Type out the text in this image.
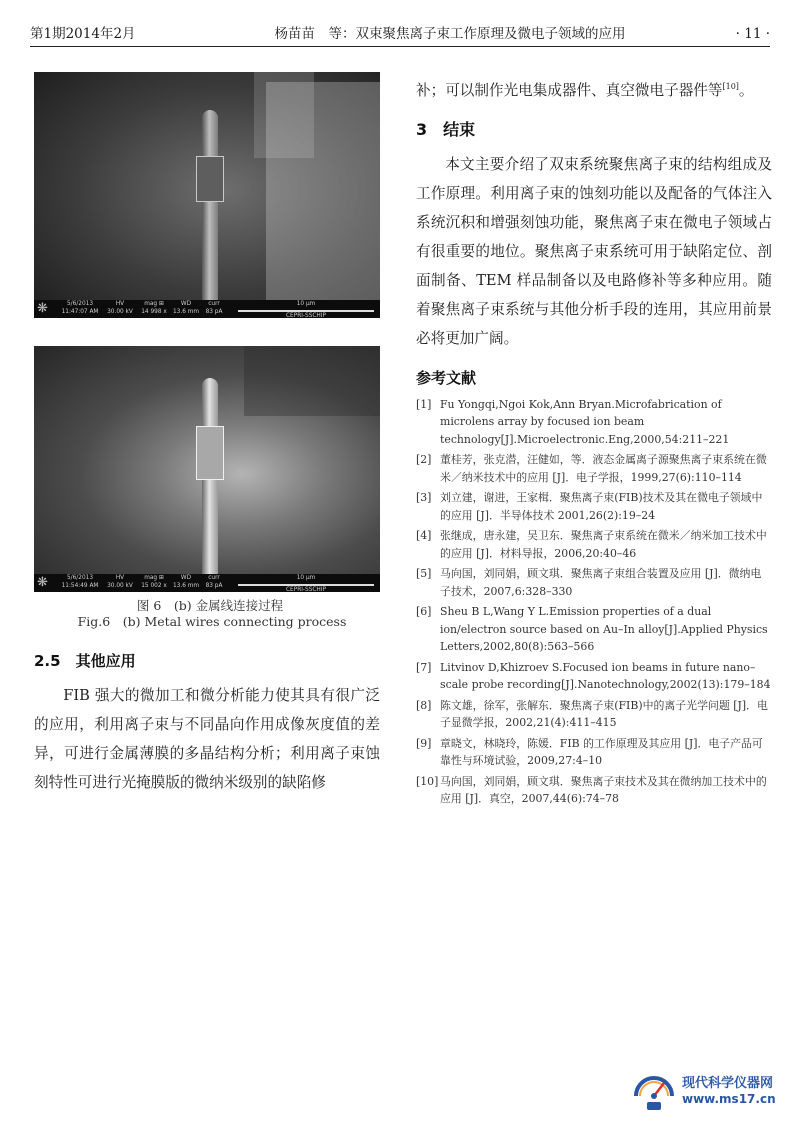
第1期2014年2月	杨苗苗　等：双束聚焦离子束工作原理及微电子领域的应用	· 11 ·
❋	5/6/2013
11:47:07 AM
HV
30.00 kV
mag ⊞
14 998 x
WD
13.6 mm
curr
83 pA
10 μm
CEPRI-SSCHIP
❋	5/6/2013
11:54:49 AM
HV
30.00 kV
mag ⊞
15 002 x
WD
13.6 mm
curr
83 pA
10 μm
CEPRI-SSCHIP
图 6　(b) 金属线连接过程
Fig.6　(b) Metal wires connecting process
2.5　其他应用

FIB 强大的微加工和微分析能力使其具有很广泛的应用，利用离子束与不同晶向作用成像灰度值的差异，可进行金属薄膜的多晶结构分析；利用离子束蚀刻特性可进行光掩膜版的微纳米级别的缺陷修

补；可以制作光电集成器件、真空微电子器件等[10]。

3　结束

本文主要介绍了双束系统聚焦离子束的结构组成及工作原理。利用离子束的蚀刻功能以及配备的气体注入系统沉积和增强刻蚀功能，聚焦离子束在微电子领域占有很重要的地位。聚焦离子束系统可用于缺陷定位、剖面制备、TEM 样品制备以及电路修补等多种应用。随着聚焦离子束系统与其他分析手段的连用，其应用前景必将更加广阔。

参考文献
[1] Fu Yongqi,Ngoi Kok,Ann Bryan.Microfabrication of microlens array by focused ion beam technology[J].Microelectronic.Eng,2000,54:211–221
[2] 董桂芳，张克潜，汪健如，等．液态金属离子源聚焦离子束系统在微米／纳米技术中的应用 [J]．电子学报，1999,27(6):110–114
[3] 刘立建，谢进，王家楫．聚焦离子束(FIB)技术及其在微电子领域中的应用 [J]．半导体技术 2001,26(2):19–24
[4] 张继成，唐永建，吴卫东．聚焦离子束系统在微米／纳米加工技术中的应用 [J]．材料导报，2006,20:40–46
[5] 马向国，刘同娟，顾文琪．聚焦离子束组合装置及应用 [J]．微纳电子技术，2007,6:328–330
[6] Sheu B L,Wang Y L.Emission properties of a dual ion/electron source based on Au–In alloy[J].Applied Physics Letters,2002,80(8):563–566
[7] Litvinov D,Khizroev S.Focused ion beams in future nano–scale probe recording[J].Nanotechnology,2002(13):179–184
[8] 陈文雄，徐军，张解东．聚焦离子束(FIB)中的离子光学问题 [J]．电子显微学报，2002,21(4):411–415
[9] 章晓文，林晓玲，陈媛．FIB 的工作原理及其应用 [J]．电子产品可靠性与环境试验，2009,27:4–10
[10] 马向国，刘同娟，顾文琪．聚焦离子束技术及其在微纳加工技术中的应用 [J]．真空，2007,44(6):74–78
现代科学仪器网
www.ms17.cn
